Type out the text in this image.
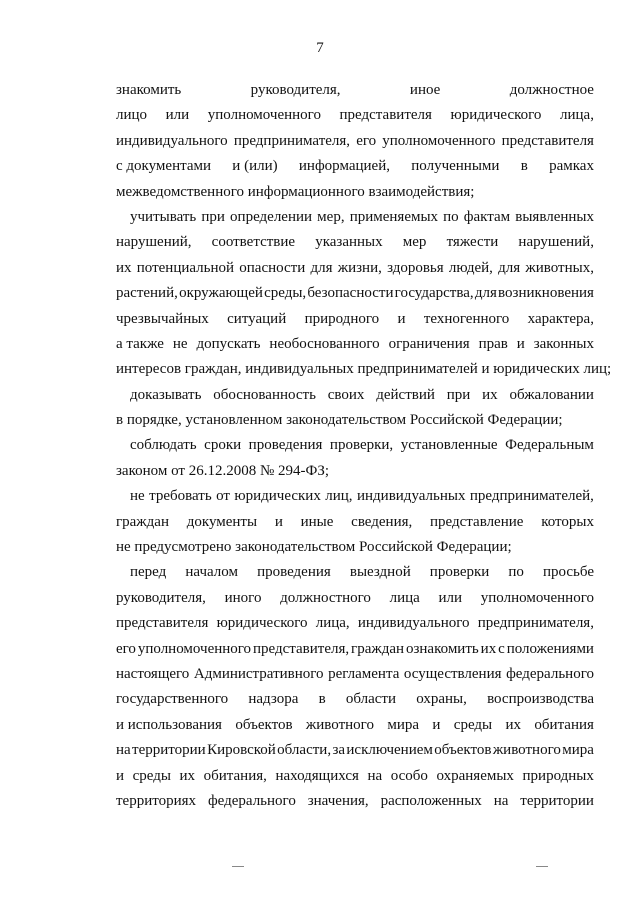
7
знакомить	руководителя,	иное	должностное
лицо или уполномоченного представителя юридического лица,
индивидуального предпринимателя, его уполномоченного представителя
с документами и (или) информацией, полученными в рамках
межведомственного информационного взаимодействия;
учитывать при определении мер, применяемых по фактам выявленных
нарушений, соответствие указанных мер тяжести нарушений,
их потенциальной опасности для жизни, здоровья людей, для животных,
растений, окружающей среды, безопасности государства, для возникновения
чрезвычайных ситуаций природного и техногенного характера,
а также не допускать необоснованного ограничения прав и законных
интересов граждан, индивидуальных предпринимателей и юридических лиц;
доказывать обоснованность своих действий при их обжаловании
в порядке, установленном законодательством Российской Федерации;
соблюдать сроки проведения проверки, установленные Федеральным
законом от 26.12.2008 № 294-ФЗ;
не требовать от юридических лиц, индивидуальных предпринимателей,
граждан документы и иные сведения, представление которых
не предусмотрено законодательством Российской Федерации;
перед началом проведения выездной проверки по просьбе
руководителя, иного должностного лица или уполномоченного
представителя юридического лица, индивидуального предпринимателя,
его уполномоченного представителя, граждан ознакомить их с положениями
настоящего Административного регламента осуществления федерального
государственного надзора в области охраны, воспроизводства
и использования объектов животного мира и среды их обитания
на территории Кировской области, за исключением объектов животного мира
и среды их обитания, находящихся на особо охраняемых природных
территориях федерального значения, расположенных на территории
